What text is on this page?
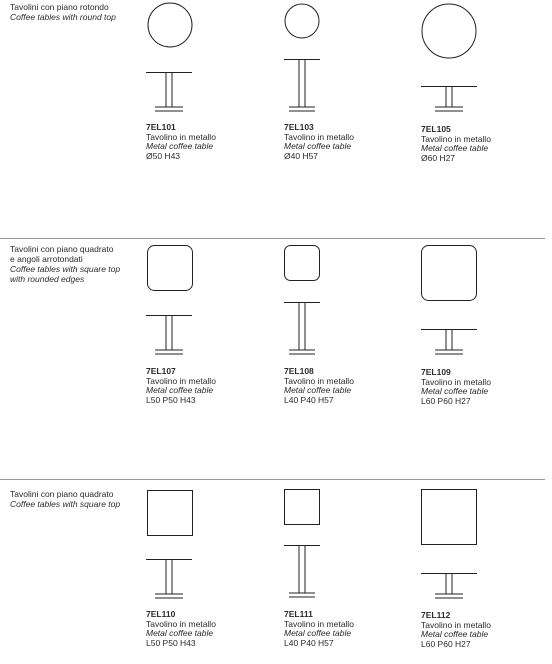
Tavolini con piano rotondo
Coffee tables with round top
7EL101
Tavolino in metallo
Metal coffee table
Ø50 H43
7EL103
Tavolino in metallo
Metal coffee table
Ø40 H57
7EL105
Tavolino in metallo
Metal coffee table
Ø60 H27
Tavolini con piano quadrato
e angoli arrotondati
Coffee tables with square top
with rounded edges
7EL107
Tavolino in metallo
Metal coffee table
L50 P50 H43
7EL108
Tavolino in metallo
Metal coffee table
L40 P40 H57
7EL109
Tavolino in metallo
Metal coffee table
L60 P60 H27
Tavolini con piano quadrato
Coffee tables with square top
7EL110
Tavolino in metallo
Metal coffee table
L50 P50 H43
7EL111
Tavolino in metallo
Metal coffee table
L40 P40 H57
7EL112
Tavolino in metallo
Metal coffee table
L60 P60 H27
